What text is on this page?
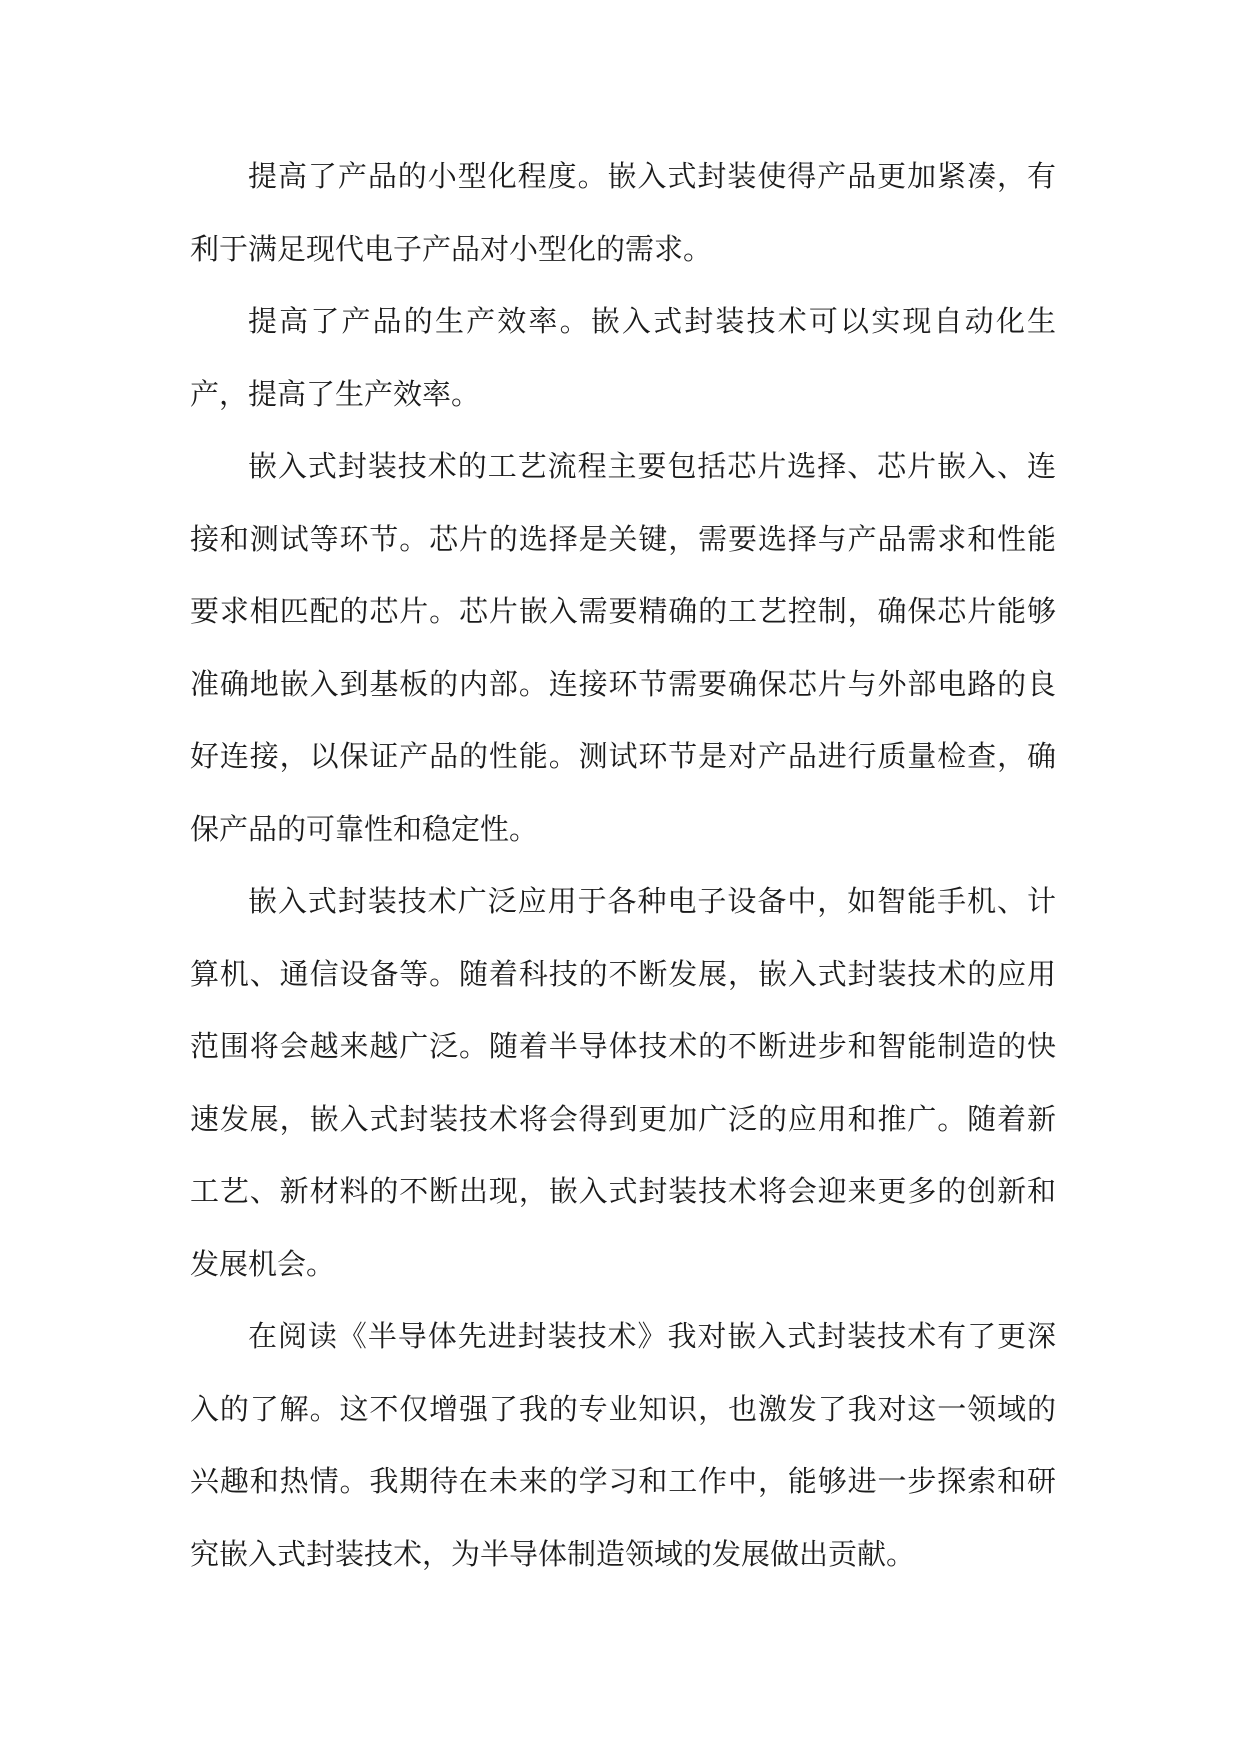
提高了产品的小型化程度。嵌入式封装使得产品更加紧凑，有利于满足现代电子产品对小型化的需求。

提高了产品的生产效率。嵌入式封装技术可以实现自动化生产，提高了生产效率。

嵌入式封装技术的工艺流程主要包括芯片选择、芯片嵌入、连接和测试等环节。芯片的选择是关键，需要选择与产品需求和性能要求相匹配的芯片。芯片嵌入需要精确的工艺控制，确保芯片能够准确地嵌入到基板的内部。连接环节需要确保芯片与外部电路的良好连接，以保证产品的性能。测试环节是对产品进行质量检查，确保产品的可靠性和稳定性。

嵌入式封装技术广泛应用于各种电子设备中，如智能手机、计算机、通信设备等。随着科技的不断发展，嵌入式封装技术的应用范围将会越来越广泛。随着半导体技术的不断进步和智能制造的快速发展，嵌入式封装技术将会得到更加广泛的应用和推广。随着新工艺、新材料的不断出现，嵌入式封装技术将会迎来更多的创新和发展机会。

在阅读《半导体先进封装技术》我对嵌入式封装技术有了更深入的了解。这不仅增强了我的专业知识，也激发了我对这一领域的兴趣和热情。我期待在未来的学习和工作中，能够进一步探索和研究嵌入式封装技术，为半导体制造领域的发展做出贡献。
